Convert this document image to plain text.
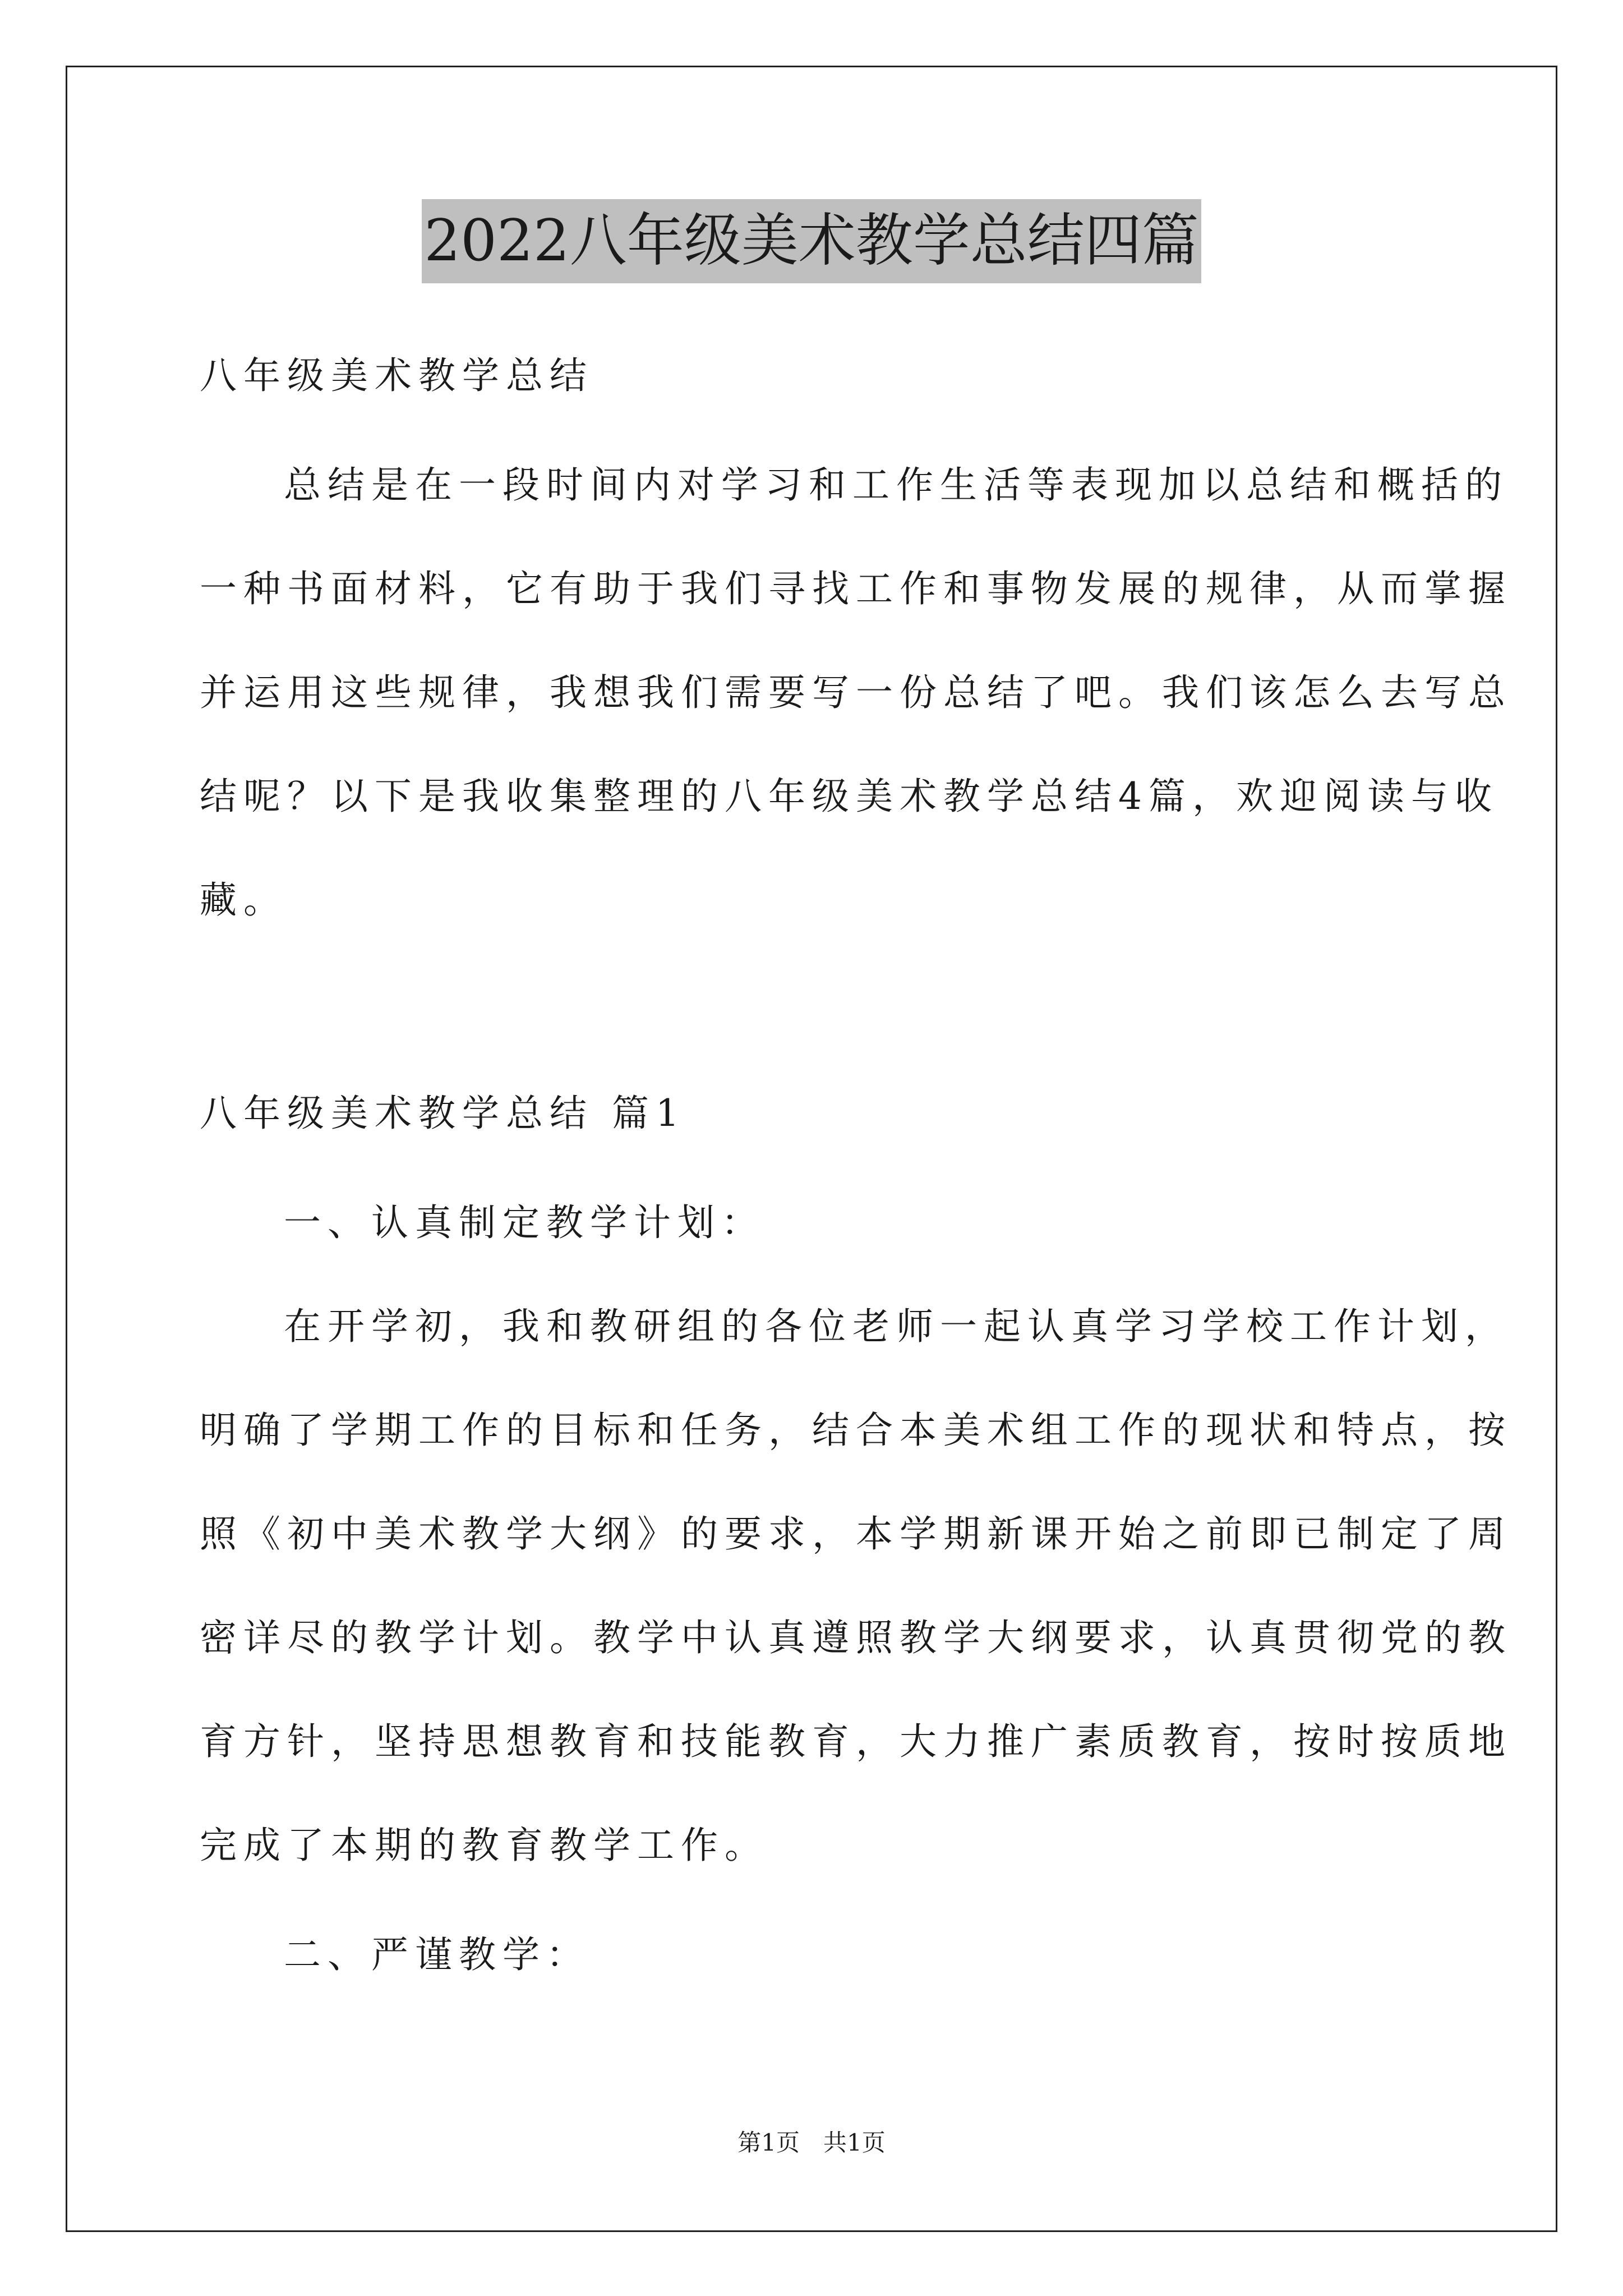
2022八年级美术教学总结四篇
八年级美术教学总结
总结是在一段时间内对学习和工作生活等表现加以总结和概括的
一种书面材料，它有助于我们寻找工作和事物发展的规律，从而掌握
并运用这些规律，我想我们需要写一份总结了吧。我们该怎么去写总
结呢？以下是我收集整理的八年级美术教学总结4篇，欢迎阅读与收
藏。
八年级美术教学总结 篇1
一、认真制定教学计划：
在开学初，我和教研组的各位老师一起认真学习学校工作计划，
明确了学期工作的目标和任务，结合本美术组工作的现状和特点，按
照《初中美术教学大纲》的要求，本学期新课开始之前即已制定了周
密详尽的教学计划。教学中认真遵照教学大纲要求，认真贯彻党的教
育方针，坚持思想教育和技能教育，大力推广素质教育，按时按质地
完成了本期的教育教学工作。
二、严谨教学：
第1页　共1页
